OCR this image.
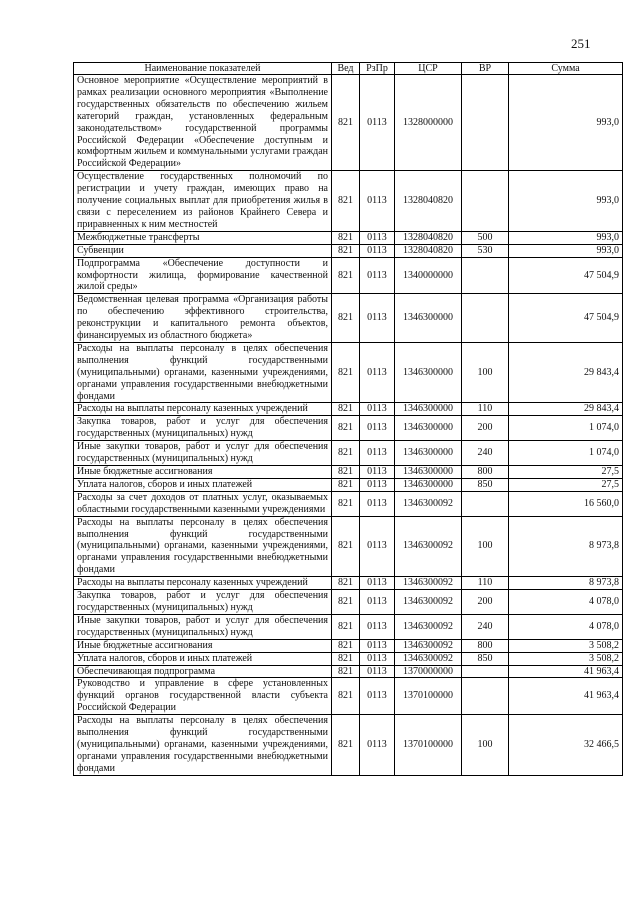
251
Наименование показателей	Вед	РзПр	ЦСР	ВР	Сумма
Основное мероприятие «Осуществление мероприятий в рамках реализации основного мероприятия «Выполнение государственных обязательств по обеспечению жильем категорий граждан, установленных федеральным законодательством» государственной программы Российской Федерации «Обеспечение доступным и комфортным жильем и коммунальными услугами граждан Российской Федерации»	821	0113	1328000000		993,0
Осуществление государственных полномочий по регистрации и учету граждан, имеющих право на получение социальных выплат для приобретения жилья в связи с переселением из районов Крайнего Севера и приравненных к ним местностей	821	0113	1328040820		993,0
Межбюджетные трансферты	821	0113	1328040820	500	993,0
Субвенции	821	0113	1328040820	530	993,0
Подпрограмма «Обеспечение доступности и комфортности жилища, формирование качественной жилой среды»	821	0113	1340000000		47 504,9
Ведомственная целевая программа «Организация работы по обеспечению эффективного строительства, реконструкции и капитального ремонта объектов, финансируемых из областного бюджета»	821	0113	1346300000		47 504,9
Расходы на выплаты персоналу в целях обеспечения выполнения функций государственными (муниципальными) органами, казенными учреждениями, органами управления государственными внебюджетными фондами	821	0113	1346300000	100	29 843,4
Расходы на выплаты персоналу казенных учреждений	821	0113	1346300000	110	29 843,4
Закупка товаров, работ и услуг для обеспечения государственных (муниципальных) нужд	821	0113	1346300000	200	1 074,0
Иные закупки товаров, работ и услуг для обеспечения государственных (муниципальных) нужд	821	0113	1346300000	240	1 074,0
Иные бюджетные ассигнования	821	0113	1346300000	800	27,5
Уплата налогов, сборов и иных платежей	821	0113	1346300000	850	27,5
Расходы за счет доходов от платных услуг, оказываемых областными государственными казенными учреждениями	821	0113	1346300092		16 560,0
Расходы на выплаты персоналу в целях обеспечения выполнения функций государственными (муниципальными) органами, казенными учреждениями, органами управления государственными внебюджетными фондами	821	0113	1346300092	100	8 973,8
Расходы на выплаты персоналу казенных учреждений	821	0113	1346300092	110	8 973,8
Закупка товаров, работ и услуг для обеспечения государственных (муниципальных) нужд	821	0113	1346300092	200	4 078,0
Иные закупки товаров, работ и услуг для обеспечения государственных (муниципальных) нужд	821	0113	1346300092	240	4 078,0
Иные бюджетные ассигнования	821	0113	1346300092	800	3 508,2
Уплата налогов, сборов и иных платежей	821	0113	1346300092	850	3 508,2
Обеспечивающая подпрограмма	821	0113	1370000000		41 963,4
Руководство и управление в сфере установленных функций органов государственной власти субъекта Российской Федерации	821	0113	1370100000		41 963,4
Расходы на выплаты персоналу в целях обеспечения выполнения функций государственными (муниципальными) органами, казенными учреждениями, органами управления государственными внебюджетными фондами	821	0113	1370100000	100	32 466,5
